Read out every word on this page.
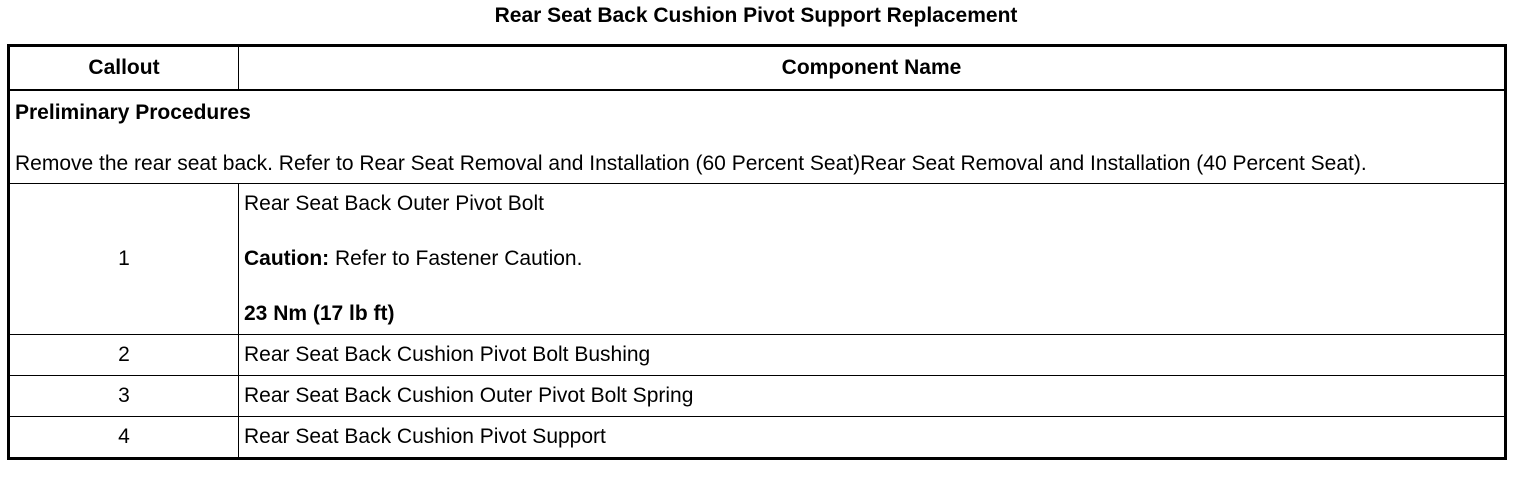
Rear Seat Back Cushion Pivot Support Replacement
Callout	Component Name

Preliminary Procedures
Remove the rear seat back. Refer to Rear Seat Removal and Installation (60 Percent Seat)Rear Seat Removal and Installation (40 Percent Seat).	

1	Rear Seat Back Outer Pivot Bolt

Caution: Refer to Fastener Caution.

23 Nm (17 lb ft)

2	Rear Seat Back Cushion Pivot Bolt Bushing
3	Rear Seat Back Cushion Outer Pivot Bolt Spring
4	Rear Seat Back Cushion Pivot Support
